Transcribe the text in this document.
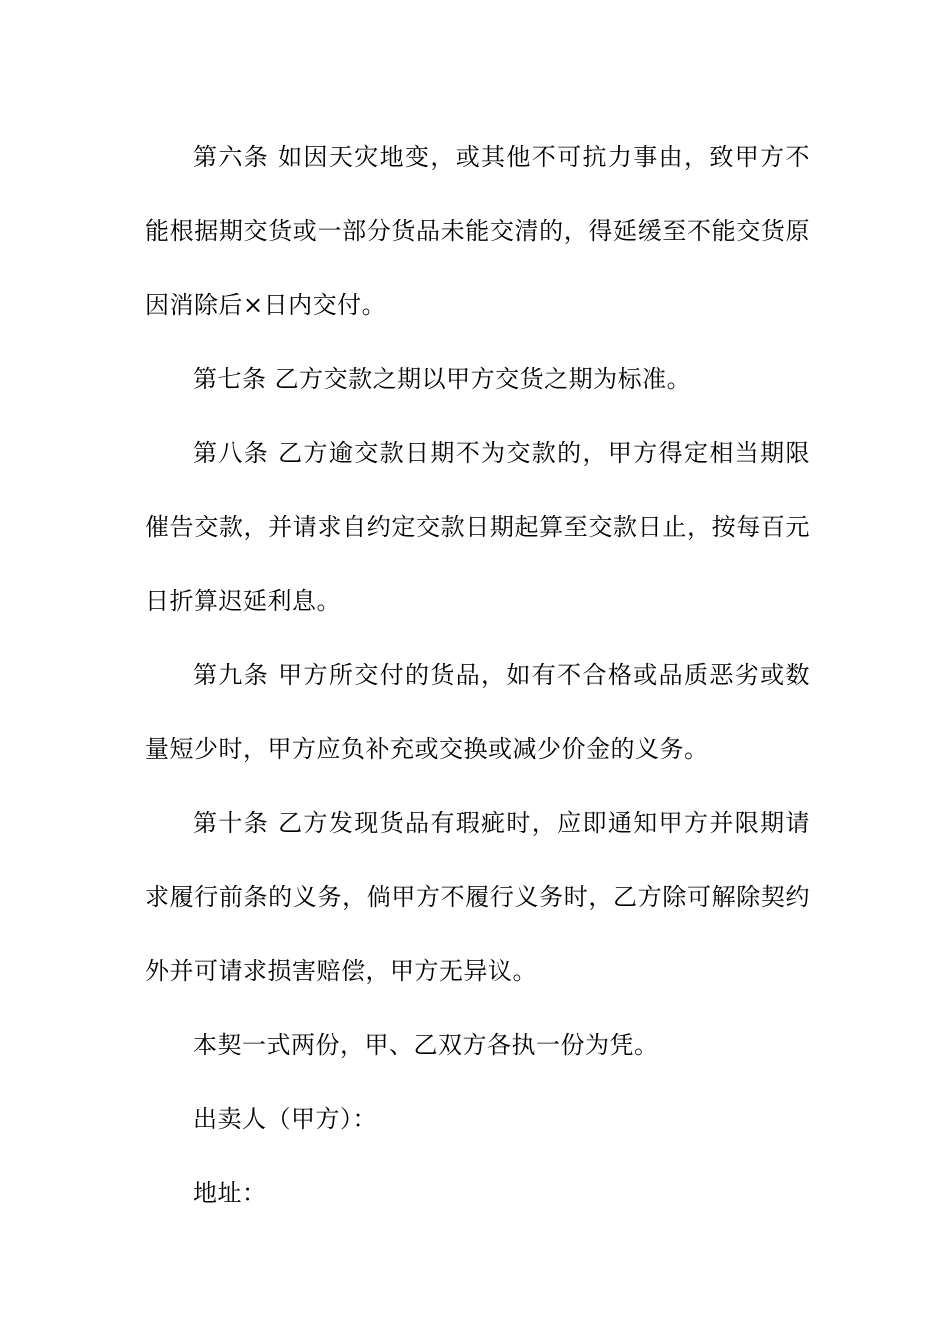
第六条 如因天灾地变，或其他不可抗力事由，致甲方不能根据期交货或一部分货品未能交清的，得延缓至不能交货原因消除后×日内交付。

第七条 乙方交款之期以甲方交货之期为标准。

第八条 乙方逾交款日期不为交款的，甲方得定相当期限催告交款，并请求自约定交款日期起算至交款日止，按每百元日折算迟延利息。

第九条 甲方所交付的货品，如有不合格或品质恶劣或数量短少时，甲方应负补充或交换或减少价金的义务。

第十条 乙方发现货品有瑕疵时，应即通知甲方并限期请求履行前条的义务，倘甲方不履行义务时，乙方除可解除契约外并可请求损害赔偿，甲方无异议。

本契一式两份，甲、乙双方各执一份为凭。

出卖人（甲方）：

地址：
